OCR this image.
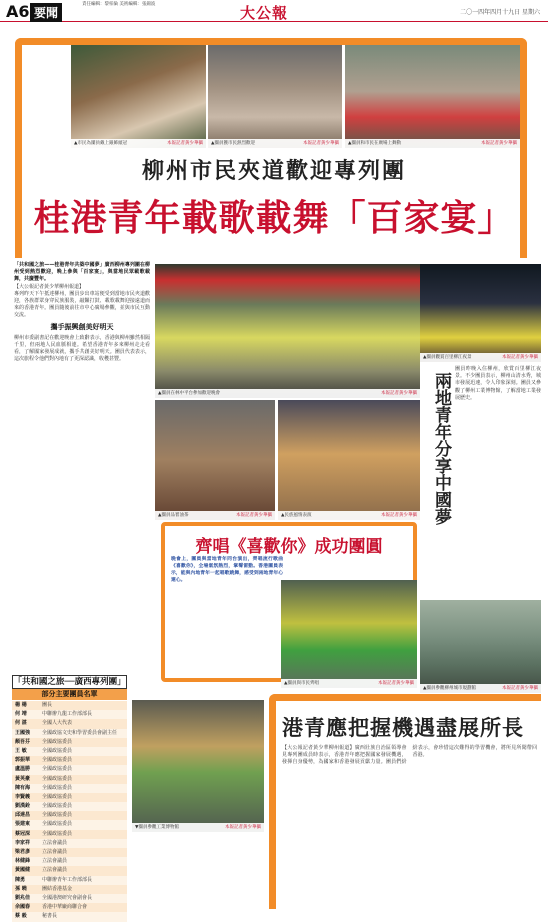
A6 要聞
責任編輯：黎柏倫 美術編輯：張錦波	大公報	二〇一四年四月十九日 星期六
▲市民為團員戴上銀飾頭冠	本報記者黃少華攝	▲團員獲市民熱烈歡迎	本報記者黃少華攝	▲團員和市民在廣場上舞動	本報記者黃少華攝
柳州市民夾道歡迎專列團
桂港青年載歌載舞「百家宴」
「共和國之旅——桂港青年共築中國夢」廣西柳州專列團在柳州受到熱烈歡迎，晚上參與「百家宴」，與當地民眾載歌載舞，共慶豐年。
【大公報記者黃少華柳州報道】
專列昨天下午抵達柳州，團員步出車站便受到當地市民夾道歡迎，各族群眾身穿民族服裝，敲鑼打鼓、載歌載舞迎接遠道而來的香港青年。團員隨後前往市中心廣場參觀，並與市民互動交流。
攜手振興創美好明天
柳州市委副書記在歡迎晚會上致辭表示，香港與柳州雖然相隔千里，但兩地人民血脈相連。希望香港青年多來柳州走走看看，了解國家發展成就，攜手共創美好明天。團員代表表示，這次旅程令他們對內地有了更深認識，收穫甚豐。
▲團員在林中平台參加歡迎晚會	本報記者黃少華攝
▲團員品嘗油茶	本報記者黃少華攝	▲民族風情表演	本報記者黃少華攝
▲團員觀賞百里柳江夜景	本報記者黃少華攝
齊唱《喜歡你》成功團圓
晚會上，團員與當地青年同台演出，齊唱流行歌曲《喜歡你》，全場氣氛熱烈，掌聲雷動。香港團員表示，能與內地青年一起唱歌跳舞，感受到兩地青年心連心。
▲團員與市民齊唱	本報記者黃少華攝
兩地青年分享中國夢
團員昨晚入住柳州，欣賞百里柳江夜景。不少團員表示，柳州山清水秀，城市發展迅速，令人印象深刻。團員又參觀了柳州工業博物館，了解當地工業發展歷史。
▲團員參觀柳州城市規劃館	本報記者黃少華攝
「共和國之旅──廣西專列團」
部分主要團員名單
楊 楊	團長
何 靖	中聯辦九龍工作部部長
何 湛	全國人大代表
王國強	全國政協文史和學習委員會副主任
顏吾芬	全國政協委員
王 敏	全國政協委員
郭振華	全國政協委員
盧溫勝	全國政協委員
黃英豪	全國政協委員
陳有海	全國政協委員
李賢義	全國政協委員
劉漢銓	全國政協委員
邱達昌	全國政協委員
張建東	全國政協委員
蔡冠深	全國政協委員
李家祥	立法會議員
梁君彥	立法會議員
林健鋒	立法會議員
黃國健	立法會議員
陳勇	中聯辦青年工作部部長
孫 曉	團結香港基金
劉兆佳	全國港澳研究會副會長
余國春	香港中華廠商聯合會
蔡 毅	秘書長
▼團員參觀工業博物館	本報記者黃少華攝
港青應把握機遇盡展所長
【大公報記者黃少華柳州報道】廣西壯族自治區領導會見專列團成員時表示，香港青年應把握國家發展機遇，發揮自身優勢，為國家和香港發展貢獻力量。團員們紛紛表示，會珍惜這次難得的學習機會，將所見所聞帶回香港。
